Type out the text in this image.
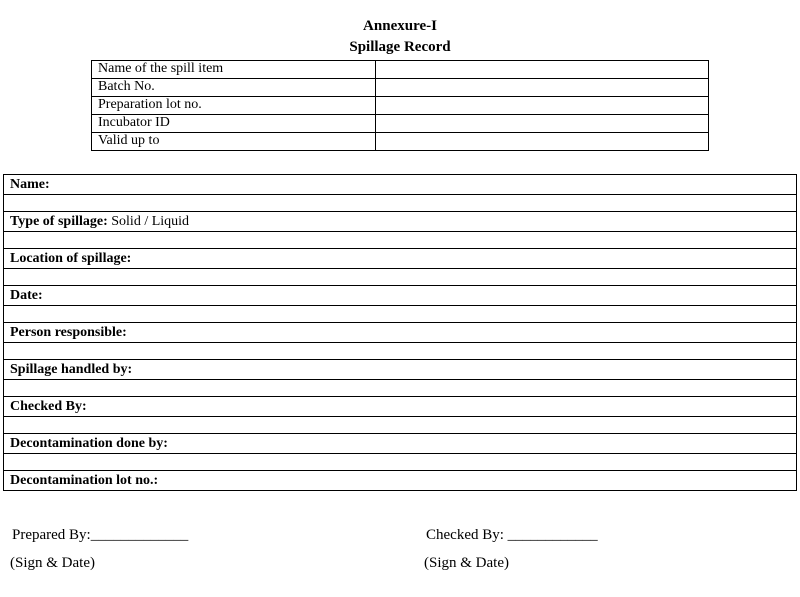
Annexure-I
Spillage Record
Name of the spill item	
Batch No.	
Preparation lot no.	
Incubator ID	
Valid up to	
Name:

Type of spillage: Solid / Liquid

Location of spillage:

Date:

Person responsible:

Spillage handled by:

Checked By:

Decontamination done by:

Decontamination lot no.:
Prepared By:_____________
(Sign & Date)
Checked By: ____________
(Sign & Date)
